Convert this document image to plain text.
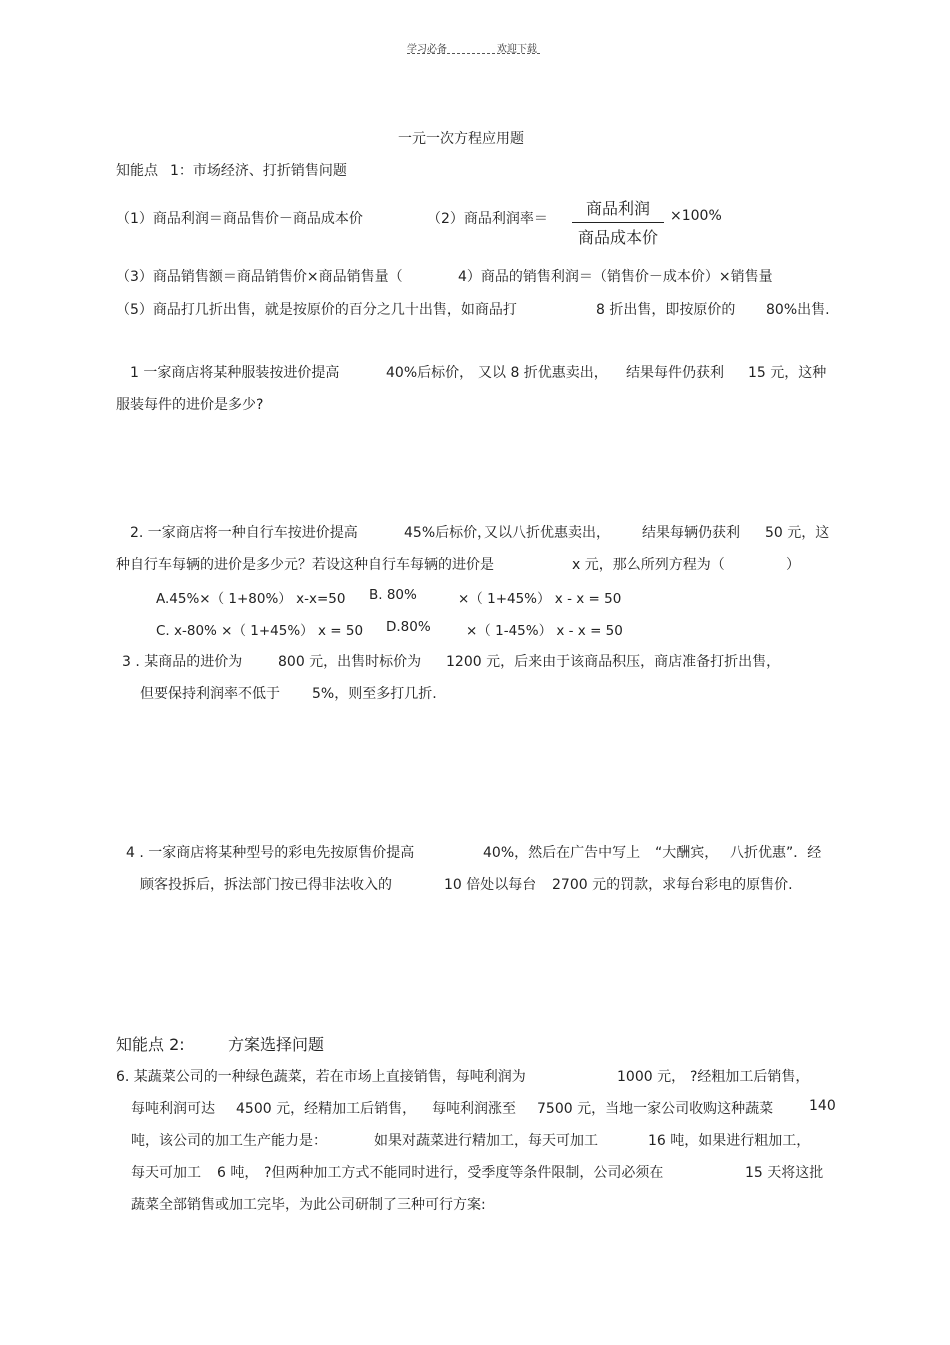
学习必备	欢迎下载
一元一次方程应用题
知能点 1：市场经济、打折销售问题
（1）商品利润＝商品售价－商品成本价	（2）商品利润率＝
商品利润
商品成本价
×100%
（3）商品销售额＝商品销售价×商品销售量（	4）商品的销售利润＝（销售价－成本价）×销售量
（5）商品打几折出售，就是按原价的百分之几十出售，如商品打	8 折出售，即按原价的 80%出售.
1 一家商店将某种服装按进价提高	40%后标价， 又以 8 折优惠卖出， 结果每件仍获利 15 元，这种
服装每件的进价是多少?
2. 一家商店将一种自行车按进价提高	45%后标价，
又以八折优惠卖出， 结果每辆仍获利 50 元，这
种自行车每辆的进价是多少元？若设这种自行车每辆的进价是	x 元，那么所列方程为（	）
A.45%×（ 1+80%） x-x=50 B. 80%	×（ 1+45%） x - x = 50
C. x-80% ×（ 1+45%） x = 50 D.80%	×（ 1-45%） x - x = 50
3 . 某商品的进价为	800 元，出售时标价为 1200 元，后来由于该商品积压，商店准备打折出售，
但要保持利润率不低于 5%，则至多打几折.
4 . 一家商店将某种型号的彩电先按原售价提高	40%，然后在广告中写上 “大酬宾， 八折优惠”．经
顾客投拆后，拆法部门按已得非法收入的	10 倍处以每台 2700 元的罚款，求每台彩电的原售价.
知能点 2:	方案选择问题
6. 某蔬菜公司的一种绿色蔬菜，若在市场上直接销售，每吨利润为	1000 元， ?经粗加工后销售，
每吨利润可达 4500 元，经精加工后销售， 每吨利润涨至 7500 元，当地一家公司收购这种蔬菜	140
吨，该公司的加工生产能力是：	如果对蔬菜进行精加工，每天可加工	16 吨，如果进行粗加工，
每天可加工 6 吨， ?但两种加工方式不能同时进行，受季度等条件限制，公司必须在	15 天将这批
蔬菜全部销售或加工完毕，为此公司研制了三种可行方案:
